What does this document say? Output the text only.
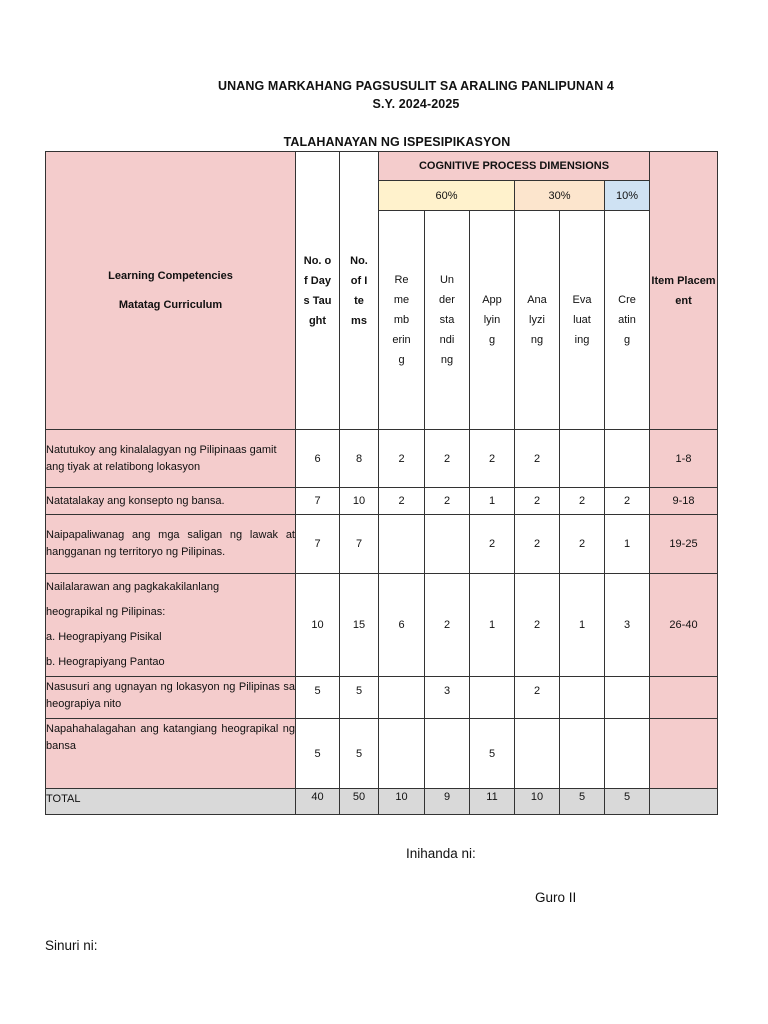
UNANG MARKAHANG PAGSUSULIT SA ARALING PANLIPUNAN 4
S.Y. 2024-2025
TALAHANAYAN NG ISPESIPIKASYON
Learning Competencies
Matatag Curriculum	No. of Days Taught	No. of Items	COGNITIVE PROCESS DIMENSIONS						Item Placement
			60%			30%		10%	
			Remembering	Understanding	Applying	Analyzing	Evaluating	Creating	
Natutukoy ang kinalalagyan ng Pilipinaas gamit ang tiyak at relatibong lokasyon	6	8	2	2	2	2			1-8
Natatalakay ang konsepto ng bansa.	7	10	2	2	1	2	2	2	9-18
Naipapaliwanag ang mga saligan ng lawak at hangganan ng territoryo ng Pilipinas.	7	7			2	2	2	1	19-25

Nailalarawan ang pagkakakilanlang
heograpikal ng Pilipinas:
a. Heograpiyang Pisikal
b. Heograpiyang Pantao	10	15	6	2	1	2	1	3	26-40
Nasusuri ang ugnayan ng lokasyon ng Pilipinas sa heograpiya nito	5	5		3		2			
Napahahalagahan ang katangiang heograpikal ng bansa	5	5			5				
TOTAL	40	50	10	9	11	10	5	5	
Inihanda ni:
Guro II
Sinuri ni:
